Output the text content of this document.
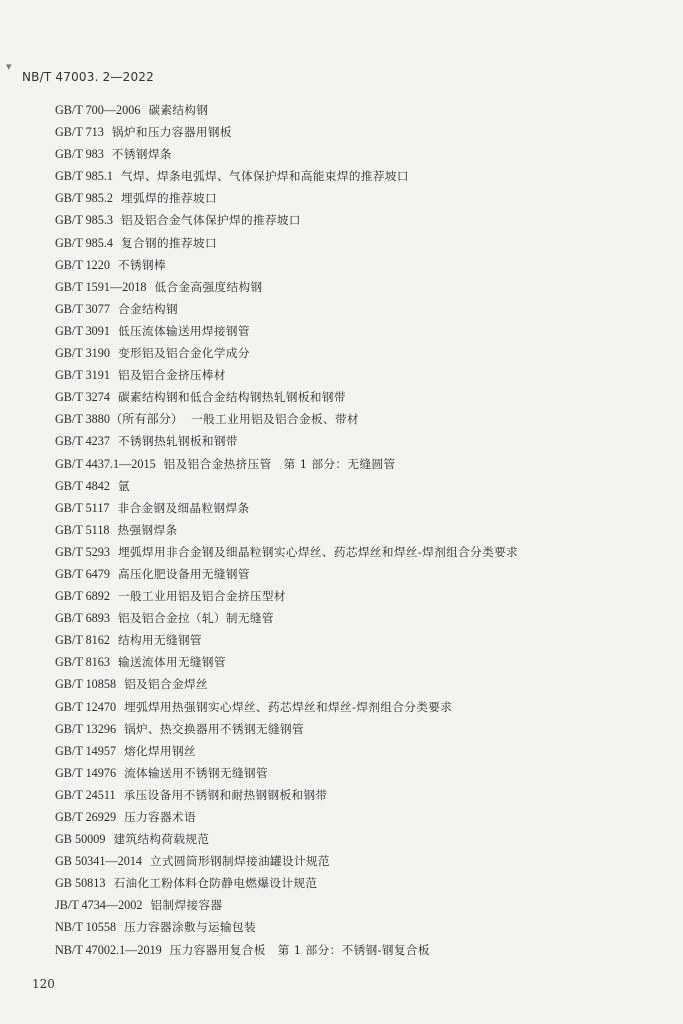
▾
NB/T 47003. 2—2022
GB/T 700—2006 碳素结构钢
GB/T 713 锅炉和压力容器用钢板
GB/T 983 不锈钢焊条
GB/T 985.1 气焊、焊条电弧焊、气体保护焊和高能束焊的推荐坡口
GB/T 985.2 埋弧焊的推荐坡口
GB/T 985.3 铝及铝合金气体保护焊的推荐坡口
GB/T 985.4 复合钢的推荐坡口
GB/T 1220 不锈钢棒
GB/T 1591—2018 低合金高强度结构钢
GB/T 3077 合金结构钢
GB/T 3091 低压流体输送用焊接钢管
GB/T 3190 变形铝及铝合金化学成分
GB/T 3191 铝及铝合金挤压棒材
GB/T 3274 碳素结构钢和低合金结构钢热轧钢板和钢带
GB/T 3880（所有部分） 一般工业用铝及铝合金板、带材
GB/T 4237 不锈钢热轧钢板和钢带
GB/T 4437.1—2015 铝及铝合金热挤压管　第 1 部分：无缝圆管
GB/T 4842 氩
GB/T 5117 非合金钢及细晶粒钢焊条
GB/T 5118 热强钢焊条
GB/T 5293 埋弧焊用非合金钢及细晶粒钢实心焊丝、药芯焊丝和焊丝-焊剂组合分类要求
GB/T 6479 高压化肥设备用无缝钢管
GB/T 6892 一般工业用铝及铝合金挤压型材
GB/T 6893 铝及铝合金拉（轧）制无缝管
GB/T 8162 结构用无缝钢管
GB/T 8163 输送流体用无缝钢管
GB/T 10858 铝及铝合金焊丝
GB/T 12470 埋弧焊用热强钢实心焊丝、药芯焊丝和焊丝-焊剂组合分类要求
GB/T 13296 锅炉、热交换器用不锈钢无缝钢管
GB/T 14957 熔化焊用钢丝
GB/T 14976 流体输送用不锈钢无缝钢管
GB/T 24511 承压设备用不锈钢和耐热钢钢板和钢带
GB/T 26929 压力容器术语
GB 50009 建筑结构荷载规范
GB 50341—2014 立式圆筒形钢制焊接油罐设计规范
GB 50813 石油化工粉体料仓防静电燃爆设计规范
JB/T 4734—2002 铝制焊接容器
NB/T 10558 压力容器涂敷与运输包装
NB/T 47002.1—2019 压力容器用复合板　第 1 部分：不锈钢-钢复合板
120
